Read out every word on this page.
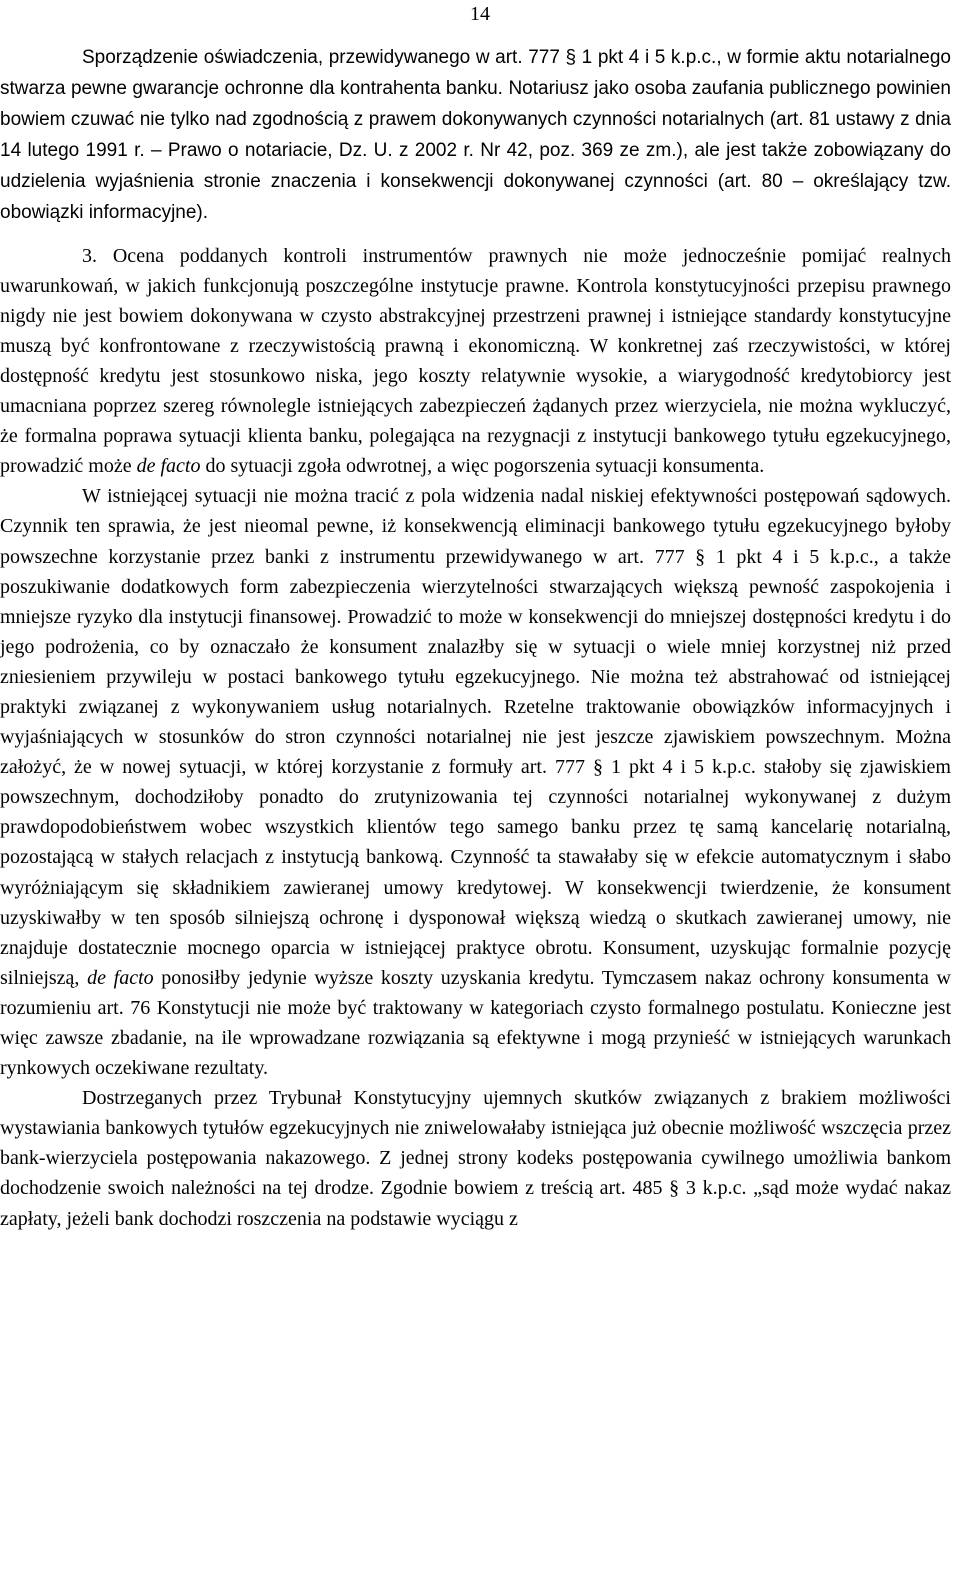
14

Sporządzenie oświadczenia, przewidywanego w art. 777 § 1 pkt 4 i 5 k.p.c., w formie aktu notarialnego stwarza pewne gwarancje ochronne dla kontrahenta banku. Notariusz jako osoba zaufania publicznego powinien bowiem czuwać nie tylko nad zgodnością z prawem dokonywanych czynności notarialnych (art. 81 ustawy z dnia 14 lutego 1991 r. – Prawo o notariacie, Dz. U. z 2002 r. Nr 42, poz. 369 ze zm.), ale jest także zobowiązany do udzielenia wyjaśnienia stronie znaczenia i konsekwencji dokonywanej czynności (art. 80 – określający tzw. obowiązki informacyjne).

3. Ocena poddanych kontroli instrumentów prawnych nie może jednocześnie pomijać realnych uwarunkowań, w jakich funkcjonują poszczególne instytucje prawne. Kontrola konstytucyjności przepisu prawnego nigdy nie jest bowiem dokonywana w czysto abstrakcyjnej przestrzeni prawnej i istniejące standardy konstytucyjne muszą być konfrontowane z rzeczywistością prawną i ekonomiczną. W konkretnej zaś rzeczywistości, w której dostępność kredytu jest stosunkowo niska, jego koszty relatywnie wysokie, a wiarygodność kredytobiorcy jest umacniana poprzez szereg równolegle istniejących zabezpieczeń żądanych przez wierzyciela, nie można wykluczyć, że formalna poprawa sytuacji klienta banku, polegająca na rezygnacji z instytucji bankowego tytułu egzekucyjnego, prowadzić może de facto do sytuacji zgoła odwrotnej, a więc pogorszenia sytuacji konsumenta.

W istniejącej sytuacji nie można tracić z pola widzenia nadal niskiej efektywności postępowań sądowych. Czynnik ten sprawia, że jest nieomal pewne, iż konsekwencją eliminacji bankowego tytułu egzekucyjnego byłoby powszechne korzystanie przez banki z instrumentu przewidywanego w art. 777 § 1 pkt 4 i 5 k.p.c., a także poszukiwanie dodatkowych form zabezpieczenia wierzytelności stwarzających większą pewność zaspokojenia i mniejsze ryzyko dla instytucji finansowej. Prowadzić to może w konsekwencji do mniejszej dostępności kredytu i do jego podrożenia, co by oznaczało że konsument znalazłby się w sytuacji o wiele mniej korzystnej niż przed zniesieniem przywileju w postaci bankowego tytułu egzekucyjnego. Nie można też abstrahować od istniejącej praktyki związanej z wykonywaniem usług notarialnych. Rzetelne traktowanie obowiązków informacyjnych i wyjaśniających w stosunków do stron czynności notarialnej nie jest jeszcze zjawiskiem powszechnym. Można założyć, że w nowej sytuacji, w której korzystanie z formuły art. 777 § 1 pkt 4 i 5 k.p.c. stałoby się zjawiskiem powszechnym, dochodziłoby ponadto do zrutynizowania tej czynności notarialnej wykonywanej z dużym prawdopodobieństwem wobec wszystkich klientów tego samego banku przez tę samą kancelarię notarialną, pozostającą w stałych relacjach z instytucją bankową. Czynność ta stawałaby się w efekcie automatycznym i słabo wyróżniającym się składnikiem zawieranej umowy kredytowej. W konsekwencji twierdzenie, że konsument uzyskiwałby w ten sposób silniejszą ochronę i dysponował większą wiedzą o skutkach zawieranej umowy, nie znajduje dostatecznie mocnego oparcia w istniejącej praktyce obrotu. Konsument, uzyskując formalnie pozycję silniejszą, de facto ponosiłby jedynie wyższe koszty uzyskania kredytu. Tymczasem nakaz ochrony konsumenta w rozumieniu art. 76 Konstytucji nie może być traktowany w kategoriach czysto formalnego postulatu. Konieczne jest więc zawsze zbadanie, na ile wprowadzane rozwiązania są efektywne i mogą przynieść w istniejących warunkach rynkowych oczekiwane rezultaty.

Dostrzeganych przez Trybunał Konstytucyjny ujemnych skutków związanych z brakiem możliwości wystawiania bankowych tytułów egzekucyjnych nie zniwelowałaby istniejąca już obecnie możliwość wszczęcia przez bank-wierzyciela postępowania nakazowego. Z jednej strony kodeks postępowania cywilnego umożliwia bankom dochodzenie swoich należności na tej drodze. Zgodnie bowiem z treścią art. 485 § 3 k.p.c. „sąd może wydać nakaz zapłaty, jeżeli bank dochodzi roszczenia na podstawie wyciągu z
